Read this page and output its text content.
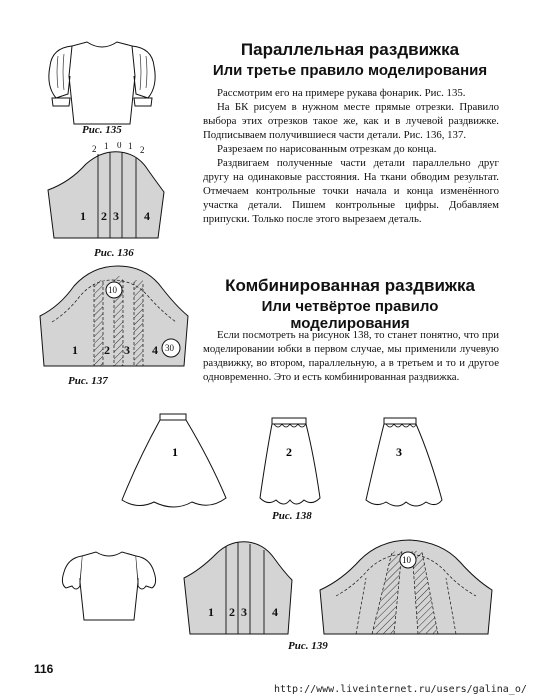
Рис. 135
2 1 0 1 2
1 2 3 4
Рис. 136
10
30
1 2 3 4
Рис. 137
Параллельная раздвижка
Или третье правило моделирования

Рассмотрим его на примере рукава фонарик. Рис. 135.

На БК рисуем в нужном месте прямые отрезки. Правило выбора этих отрезков такое же, как и в лучевой раздвижке. Подписываем получившиеся части детали. Рис. 136, 137.

Разрезаем по нарисованным отрезкам до конца.

Раздвигаем полученные части детали параллельно друг другу на одинаковые расстояния. На ткани обводим результат. Отмечаем контрольные точки начала и конца изменённого участка детали. Пишем контрольные цифры. Добавляем припуски. Только после этого вырезаем деталь.

Комбинированная раздвижка
Или четвёртое правило моделирования

Если посмотреть на рисунок 138, то станет понятно, что при моделировании юбки в первом случае, мы применили лучевую раздвижку, во втором, параллельную, а в третьем и то и другое одновременно. Это и есть комбинированная раздвижка.

1	2	3
Рис. 138
1 2 3 4
10
Рис. 139
116
http://www.liveinternet.ru/users/galina_o/
